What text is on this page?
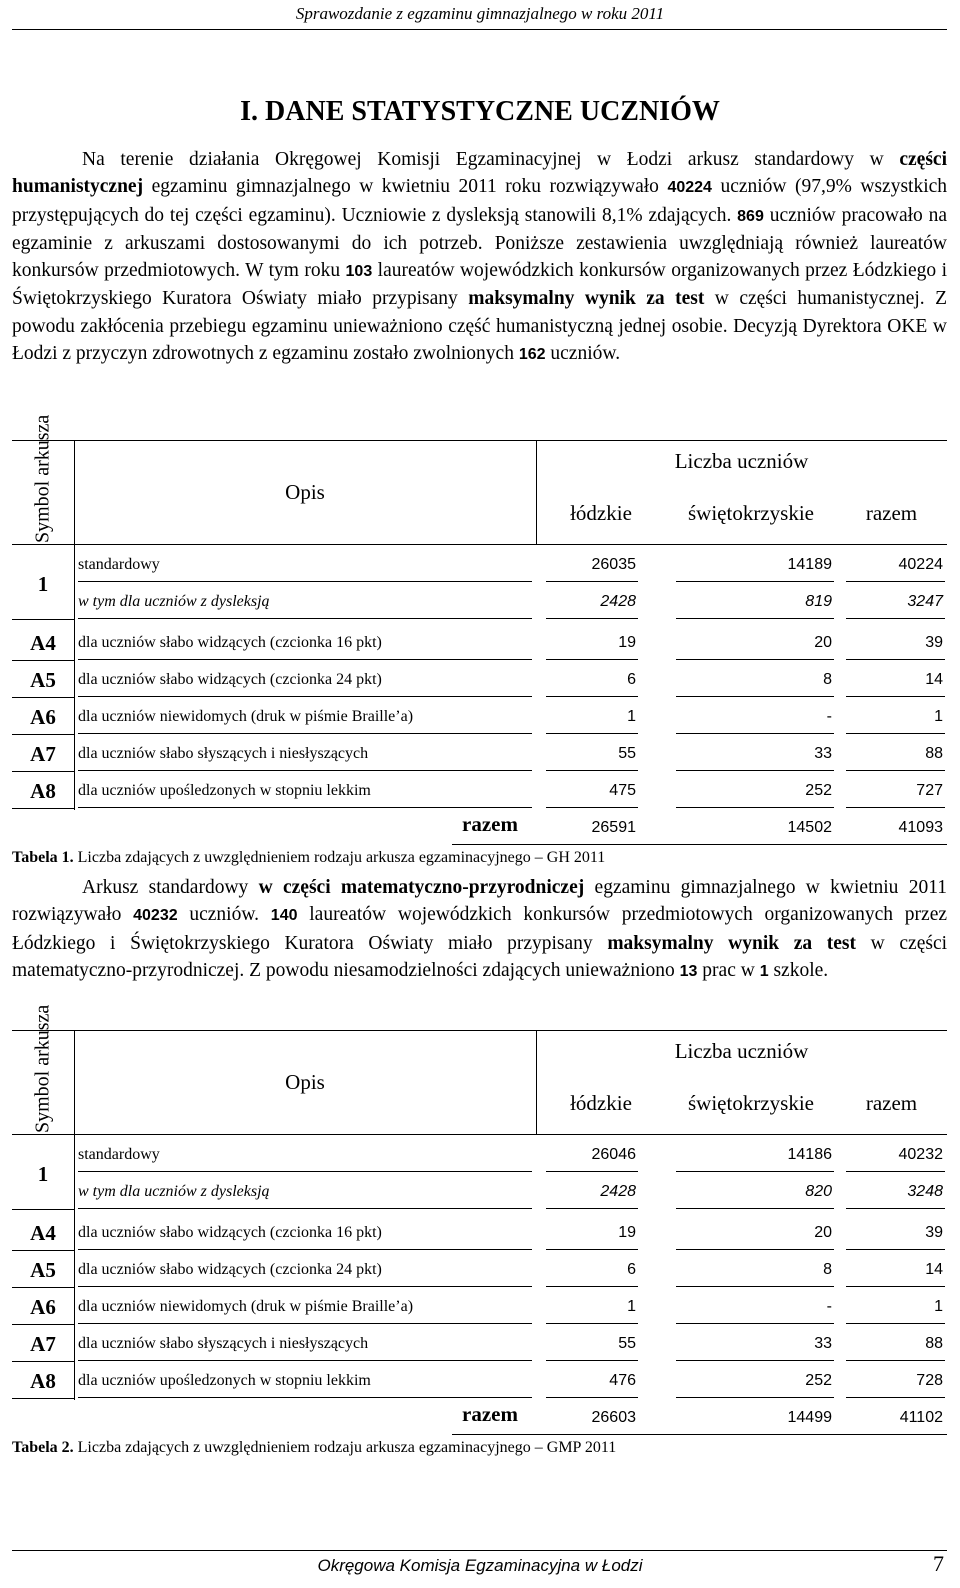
Sprawozdanie z egzaminu gimnazjalnego w roku 2011
I. DANE STATYSTYCZNE UCZNIÓW

Na terenie działania Okręgowej Komisji Egzaminacyjnej w Łodzi arkusz standardowy w części humanistycznej egzaminu gimnazjalnego w kwietniu 2011 roku rozwiązywało 40224 uczniów (97,9% wszystkich przystępujących do tej części egzaminu). Uczniowie z dysleksją stanowili 8,1% zdających. 869 uczniów pracowało na egzaminie z arkuszami dostosowanymi do ich potrzeb. Poniższe zestawienia uwzględniają również laureatów konkursów przedmiotowych. W tym roku 103 laureatów wojewódzkich konkursów organizowanych przez Łódzkiego i Świętokrzyskiego Kuratora Oświaty miało przypisany maksymalny wynik za test w części humanistycznej. Z powodu zakłócenia przebiegu egzaminu unieważniono część humanistyczną jednej osobie. Decyzją Dyrektora OKE w Łodzi z przyczyn zdrowotnych z egzaminu zostało zwolnionych 162 uczniów.

Symbol arkusza	Opis
Liczba uczniów
łódzkie	świętokrzyskie	razem
1
standardowy	26035	14189	40224
w tym dla uczniów z dysleksją	2428	819	3247
A4	dla uczniów słabo widzących (czcionka 16 pkt)	19	20	39
A5	dla uczniów słabo widzących (czcionka 24 pkt)	6	8	14
A6	dla uczniów niewidomych (druk w piśmie Braille’a)	1	-	1
A7	dla uczniów słabo słyszących i niesłyszących	55	33	88
A8	dla uczniów upośledzonych w stopniu lekkim	475	252	727
razem	26591	14502	41093
Tabela 1. Liczba zdających z uwzględnieniem rodzaju arkusza egzaminacyjnego – GH 2011

Arkusz standardowy w części matematyczno-przyrodniczej egzaminu gimnazjalnego w kwietniu 2011 rozwiązywało 40232 uczniów. 140 laureatów wojewódzkich konkursów przedmiotowych organizowanych przez Łódzkiego i Świętokrzyskiego Kuratora Oświaty miało przypisany maksymalny wynik za test w części matematyczno-przyrodniczej. Z powodu niesamodzielności zdających unieważniono 13 prac w 1 szkole.

Symbol arkusza	Opis
Liczba uczniów
łódzkie	świętokrzyskie	razem
1
standardowy	26046	14186	40232
w tym dla uczniów z dysleksją	2428	820	3248
A4	dla uczniów słabo widzących (czcionka 16 pkt)	19	20	39
A5	dla uczniów słabo widzących (czcionka 24 pkt)	6	8	14
A6	dla uczniów niewidomych (druk w piśmie Braille’a)	1	-	1
A7	dla uczniów słabo słyszących i niesłyszących	55	33	88
A8	dla uczniów upośledzonych w stopniu lekkim	476	252	728
razem	26603	14499	41102
Tabela 2. Liczba zdających z uwzględnieniem rodzaju arkusza egzaminacyjnego – GMP 2011
Okręgowa Komisja Egzaminacyjna w Łodzi	7
